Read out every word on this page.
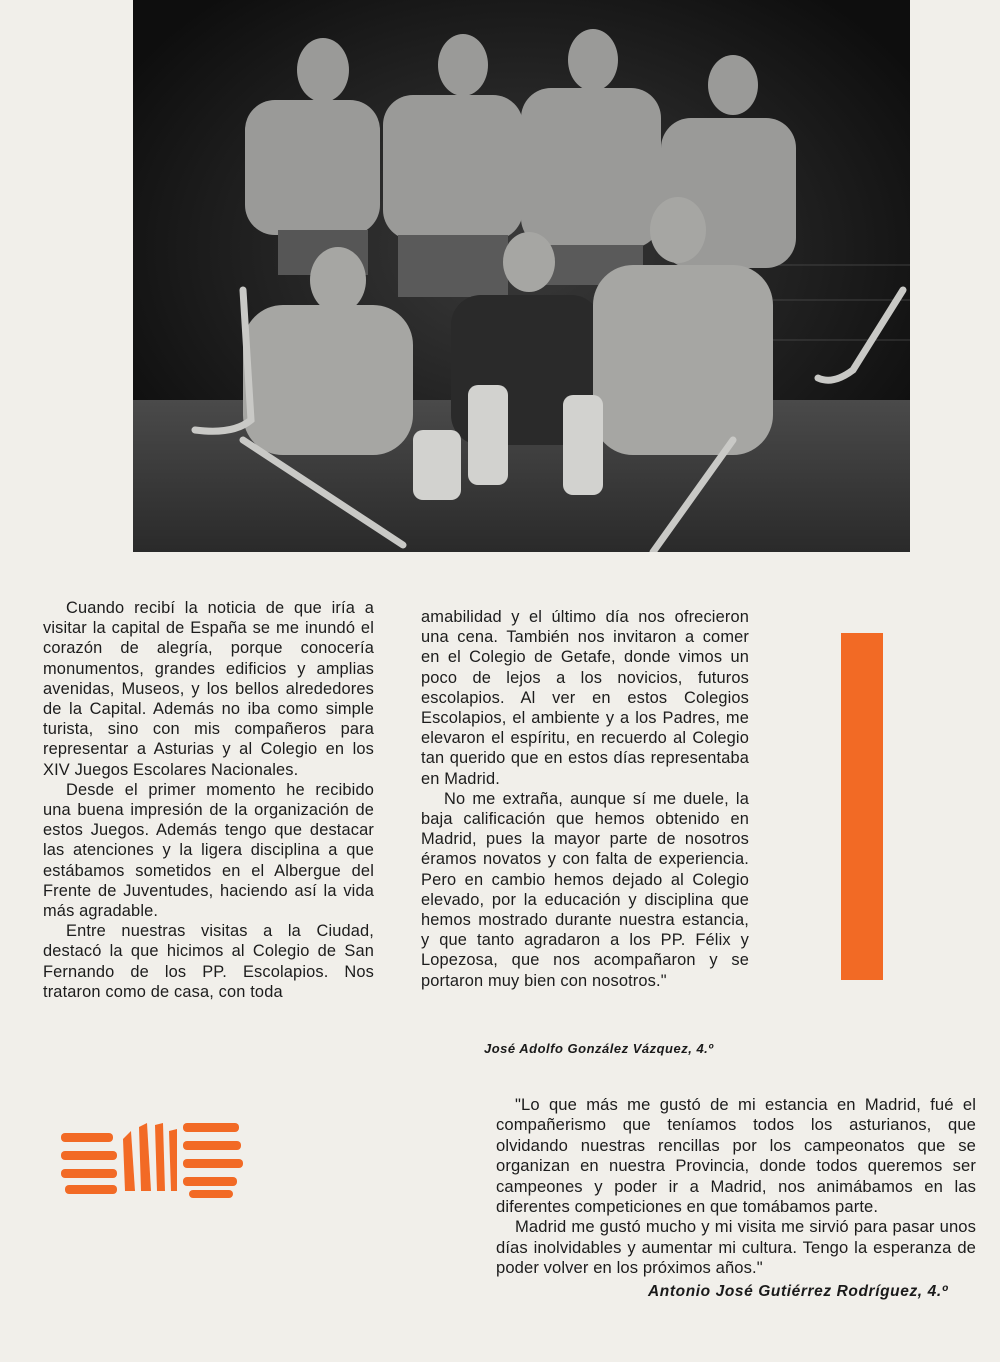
Cuando recibí la noticia de que iría a visitar la capital de España se me inundó el corazón de alegría, porque conocería monumentos, grandes edificios y amplias avenidas, Museos, y los bellos alrededores de la Capital. Además no iba como simple turista, sino con mis compañeros para representar a Asturias y al Colegio en los XIV Juegos Escolares Nacionales.

Desde el primer momento he recibido una buena impresión de la organización de estos Juegos. Además tengo que destacar las atenciones y la ligera disciplina a que estábamos sometidos en el Albergue del Frente de Juventudes, haciendo así la vida más agradable.

Entre nuestras visitas a la Ciudad, destacó la que hicimos al Colegio de San Fernando de los PP. Escolapios. Nos trataron como de casa, con toda

amabilidad y el último día nos ofrecieron una cena. También nos invitaron a comer en el Colegio de Getafe, donde vimos un poco de lejos a los novicios, futuros escolapios. Al ver en estos Colegios Escolapios, el ambiente y a los Padres, me elevaron el espíritu, en recuerdo al Colegio tan querido que en estos días representaba en Madrid.

No me extraña, aunque sí me duele, la baja calificación que hemos obtenido en Madrid, pues la mayor parte de nosotros éramos novatos y con falta de experiencia. Pero en cambio hemos dejado al Colegio elevado, por la educación y disciplina que hemos mostrado durante nuestra estancia, y que tanto agradaron a los PP. Félix y Lopezosa, que nos acompañaron y se portaron muy bien con nosotros."

José Adolfo González Vázquez, 4.º

"Lo que más me gustó de mi estancia en Madrid, fué el compañerismo que teníamos todos los asturianos, que olvidando nuestras rencillas por los campeonatos que se organizan en nuestra Provincia, donde todos queremos ser campeones y poder ir a Madrid, nos animábamos en las diferentes competiciones en que tomábamos parte.

Madrid me gustó mucho y mi visita me sirvió para pasar unos días inolvidables y aumentar mi cultura. Tengo la esperanza de poder volver en los próximos años."

Antonio José Gutiérrez Rodríguez, 4.º
